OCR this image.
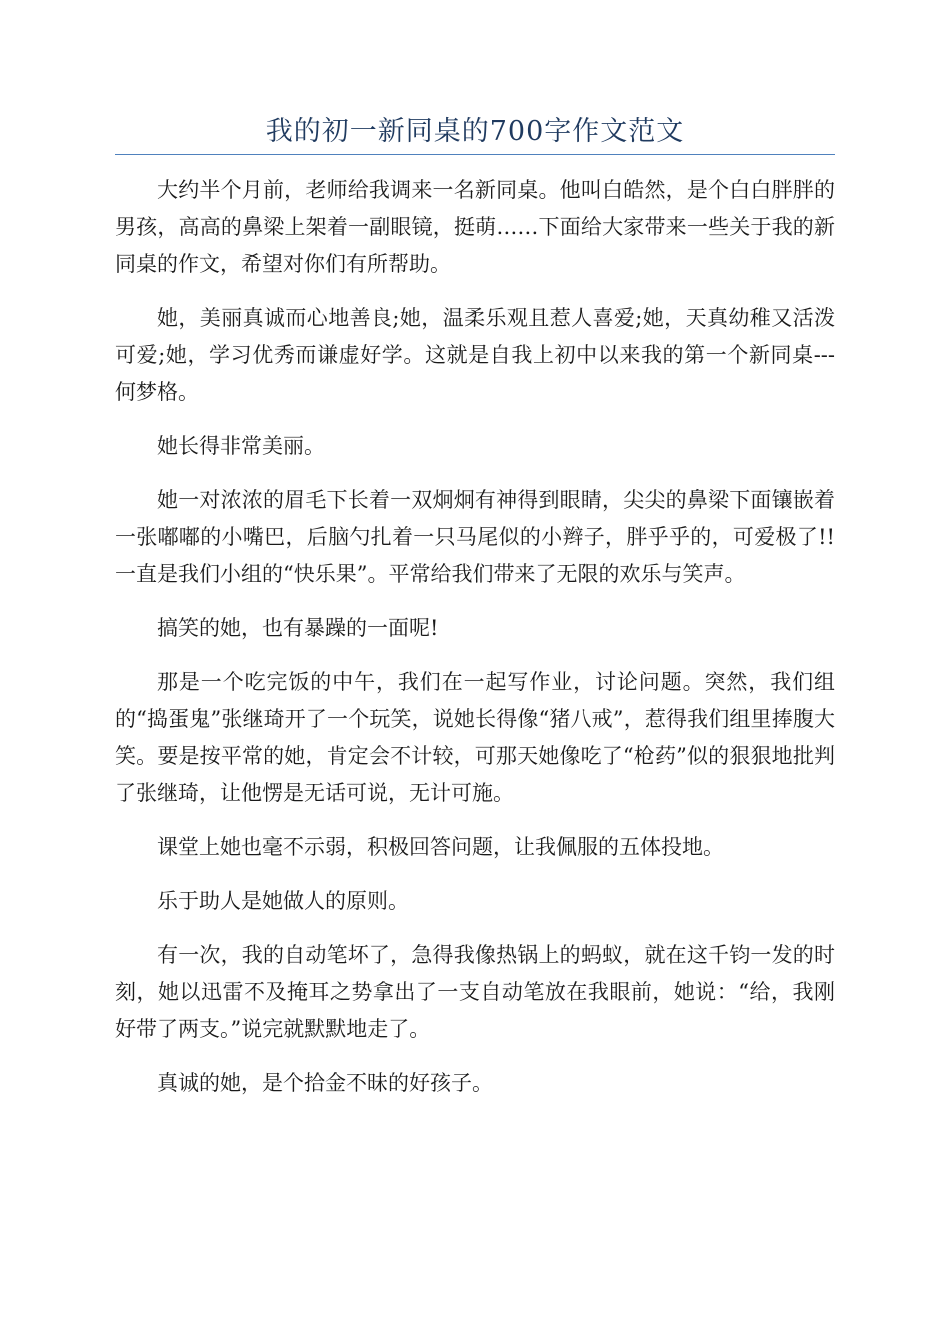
我的初一新同桌的700字作文范文

大约半个月前，老师给我调来一名新同桌。他叫白皓然，是个白白胖胖的男孩，高高的鼻梁上架着一副眼镜，挺萌……下面给大家带来一些关于我的新同桌的作文，希望对你们有所帮助。

她，美丽真诚而心地善良;她，温柔乐观且惹人喜爱;她，天真幼稚又活泼可爱;她，学习优秀而谦虚好学。这就是自我上初中以来我的第一个新同桌---何梦格。

她长得非常美丽。

她一对浓浓的眉毛下长着一双炯炯有神得到眼睛，尖尖的鼻梁下面镶嵌着一张嘟嘟的小嘴巴，后脑勺扎着一只马尾似的小辫子，胖乎乎的，可爱极了!!一直是我们小组的“快乐果”。平常给我们带来了无限的欢乐与笑声。

搞笑的她，也有暴躁的一面呢!

那是一个吃完饭的中午，我们在一起写作业，讨论问题。突然，我们组的“捣蛋鬼”张继琦开了一个玩笑，说她长得像“猪八戒”，惹得我们组里捧腹大笑。要是按平常的她，肯定会不计较，可那天她像吃了“枪药”似的狠狠地批判了张继琦，让他愣是无话可说，无计可施。

课堂上她也毫不示弱，积极回答问题，让我佩服的五体投地。

乐于助人是她做人的原则。

有一次，我的自动笔坏了，急得我像热锅上的蚂蚁，就在这千钧一发的时刻，她以迅雷不及掩耳之势拿出了一支自动笔放在我眼前，她说：“给，我刚好带了两支。”说完就默默地走了。

真诚的她，是个拾金不昧的好孩子。
